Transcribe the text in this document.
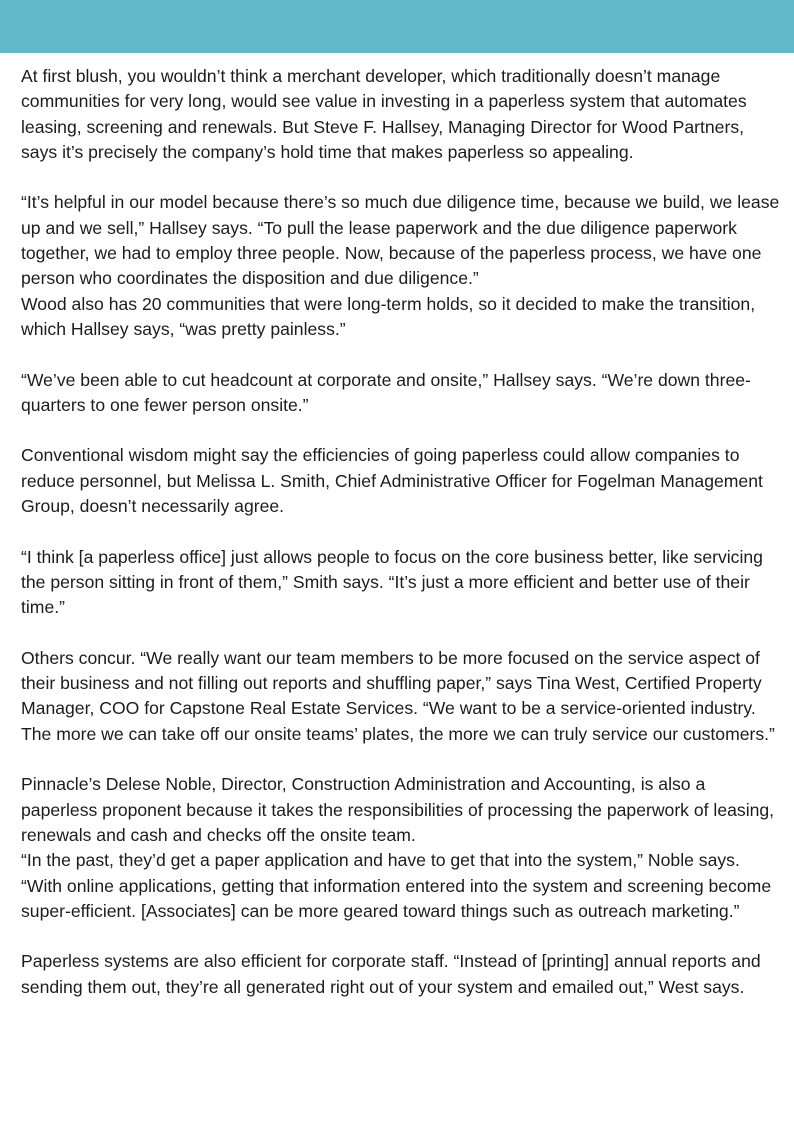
At first blush, you wouldn’t think a merchant developer, which traditionally doesn’t manage communities for very long, would see value in investing in a paperless system that automates leasing, screening and renewals. But Steve F. Hallsey, Managing Director for Wood Partners, says it’s precisely the company’s hold time that makes paperless so appealing.

“It’s helpful in our model because there’s so much due diligence time, because we build, we lease up and we sell,” Hallsey says. “To pull the lease paperwork and the due diligence paperwork together, we had to employ three people. Now, because of the paperless process, we have one person who coordinates the disposition and due diligence.”
Wood also has 20 communities that were long-term holds, so it decided to make the transition, which Hallsey says, “was pretty painless.”

“We’ve been able to cut headcount at corporate and onsite,” Hallsey says. “We’re down three-quarters to one fewer person onsite.”

Conventional wisdom might say the efficiencies of going paperless could allow companies to reduce personnel, but Melissa L. Smith, Chief Administrative Officer for Fogelman Management Group, doesn’t necessarily agree.

“I think [a paperless office] just allows people to focus on the core business better, like servicing the person sitting in front of them,” Smith says. “It’s just a more efficient and better use of their time.”

Others concur. “We really want our team members to be more focused on the service aspect of their business and not filling out reports and shuffling paper,” says Tina West, Certified Property Manager, COO for Capstone Real Estate Services. “We want to be a service-oriented industry. The more we can take off our onsite teams’ plates, the more we can truly service our customers.”

Pinnacle’s Delese Noble, Director, Construction Administration and Accounting, is also a paperless proponent because it takes the responsibilities of processing the paperwork of leasing, renewals and cash and checks off the onsite team.
“In the past, they’d get a paper application and have to get that into the system,” Noble says. “With online applications, getting that information entered into the system and screening become super-efficient. [Associates] can be more geared toward things such as outreach marketing.”

Paperless systems are also efficient for corporate staff. “Instead of [printing] annual reports and sending them out, they’re all generated right out of your system and emailed out,” West says.
